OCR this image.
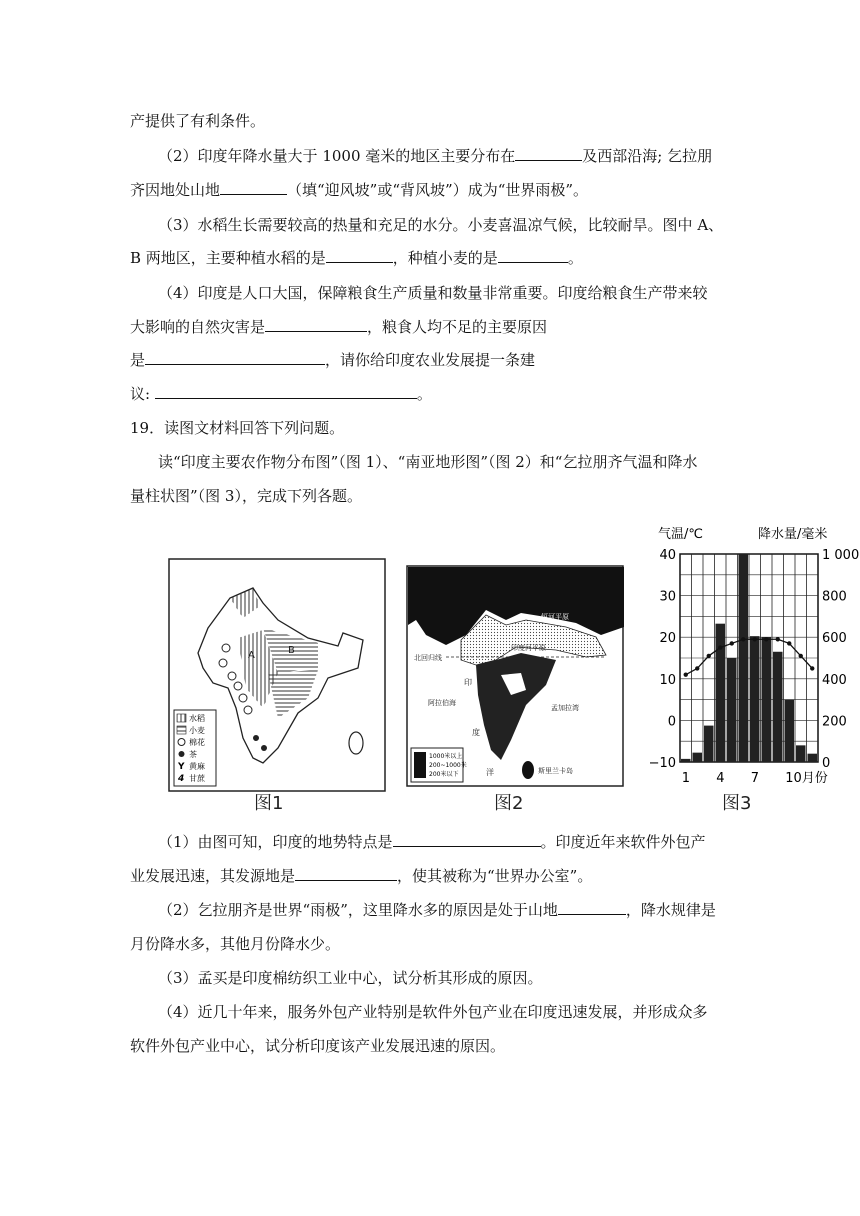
产提供了有利条件。
（2）印度年降水量大于 1000 毫米的地区主要分布在	及西部沿海; 乞拉朋
齐因地处山地	（填“迎风坡”或“背风坡”）成为“世界雨极”。
（3）水稻生长需要较高的热量和充足的水分。小麦喜温凉气候，比较耐旱。图中 A、
B 两地区，主要种植水稻的是	，种植小麦的是	。
（4）印度是人口大国，保障粮食生产质量和数量非常重要。印度给粮食生产带来较
大影响的自然灾害是	，粮食人均不足的主要原因
是	，请你给印度农业发展提一条建
议:	。
19．读图文材料回答下列问题。
读“印度主要农作物分布图”（图 1）、“南亚地形图”（图 2）和“乞拉朋齐气温和降水
量柱状图”（图 3），完成下列各题。
A	B
水稻
小麦
棉花
茶
Y 黄麻
4 甘蔗
图1
恒河平原
印度河平原
北回归线
阿拉伯海
孟加拉湾
印
度
洋	斯里兰卡岛
1000米以上
200~1000米
200米以下
图2
气温/℃	降水量/毫米
40
30
20
10
0
−10
1 000
800
600
400
200
0
1 4 7 10月份
图3
（1）由图可知，印度的地势特点是	。印度近年来软件外包产
业发展迅速，其发源地是	，使其被称为“世界办公室”。
（2）乞拉朋齐是世界“雨极”，这里降水多的原因是处于山地	，降水规律是
月份降水多，其他月份降水少。
（3）孟买是印度棉纺织工业中心，试分析其形成的原因。
（4）近几十年来，服务外包产业特别是软件外包产业在印度迅速发展，并形成众多
软件外包产业中心，试分析印度该产业发展迅速的原因。
